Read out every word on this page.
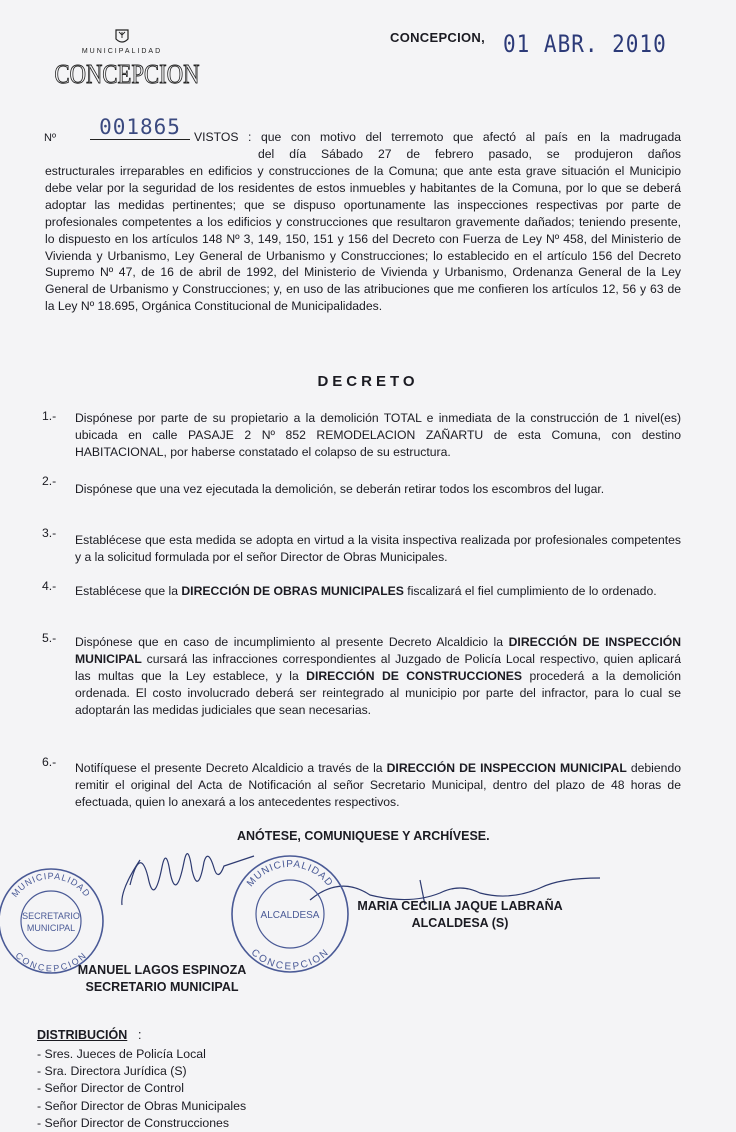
CONCEPCION, 01 ABR. 2010
MUNICIPALIDAD
CONCEPCION
Nº	001865	VISTOS : que con motivo del terremoto que afectó al país en la madrugada
del día Sábado 27 de febrero pasado, se produjeron daños
estructurales irreparables en edificios y construcciones de la Comuna; que ante esta grave situación el Municipio debe velar por la seguridad de los residentes de estos inmuebles y habitantes de la Comuna, por lo que se deberá adoptar las medidas pertinentes; que se dispuso oportunamente las inspecciones respectivas por parte de profesionales competentes a los edificios y construcciones que resultaron gravemente dañados; teniendo presente, lo dispuesto en los artículos 148 Nº 3, 149, 150, 151 y 156 del Decreto con Fuerza de Ley Nº 458, del Ministerio de Vivienda y Urbanismo, Ley General de Urbanismo y Construcciones; lo establecido en el artículo 156 del Decreto Supremo Nº 47, de 16 de abril de 1992, del Ministerio de Vivienda y Urbanismo, Ordenanza General de la Ley General de Urbanismo y Construcciones; y, en uso de las atribuciones que me confieren los artículos 12, 56 y 63 de la Ley Nº 18.695, Orgánica Constitucional de Municipalidades.
DECRETO
1.- Dispónese por parte de su propietario a la demolición TOTAL e inmediata de la construcción de 1 nivel(es) ubicada en calle PASAJE 2 Nº 852 REMODELACION ZAÑARTU de esta Comuna, con destino HABITACIONAL, por haberse constatado el colapso de su estructura.
2.-
Dispónese que una vez ejecutada la demolición, se deberán retirar todos los escombros del lugar.
3.- Establécese que esta medida se adopta en virtud a la visita inspectiva realizada por profesionales competentes y a la solicitud formulada por el señor Director de Obras Municipales.
4.- Establécese que la DIRECCIÓN DE OBRAS MUNICIPALES fiscalizará el fiel cumplimiento de lo ordenado.
5.- Dispónese que en caso de incumplimiento al presente Decreto Alcaldicio la DIRECCIÓN DE INSPECCIÓN MUNICIPAL cursará las infracciones correspondientes al Juzgado de Policía Local respectivo, quien aplicará las multas que la Ley establece, y la DIRECCIÓN DE CONSTRUCCIONES procederá a la demolición ordenada. El costo involucrado deberá ser reintegrado al municipio por parte del infractor, para lo cual se adoptarán las medidas judiciales que sean necesarias.
6.- Notifíquese el presente Decreto Alcaldicio a través de la DIRECCIÓN DE INSPECCION MUNICIPAL debiendo remitir el original del Acta de Notificación al señor Secretario Municipal, dentro del plazo de 48 horas de efectuada, quien lo anexará a los antecedentes respectivos.
ANÓTESE, COMUNIQUESE Y ARCHÍVESE.
MUNICIPALIDAD
CONCEPCION
SECRETARIO
MUNICIPAL
MUNICIPALIDAD
CONCEPCION
ALCALDESA
MARIA CECILIA JAQUE LABRAÑA
ALCALDESA (S)
MANUEL LAGOS ESPINOZA
SECRETARIO MUNICIPAL
DISTRIBUCIÓN :
- Sres. Jueces de Policía Local
- Sra. Directora Jurídica (S)
- Señor Director de Control
- Señor Director de Obras Municipales
- Señor Director de Construcciones
